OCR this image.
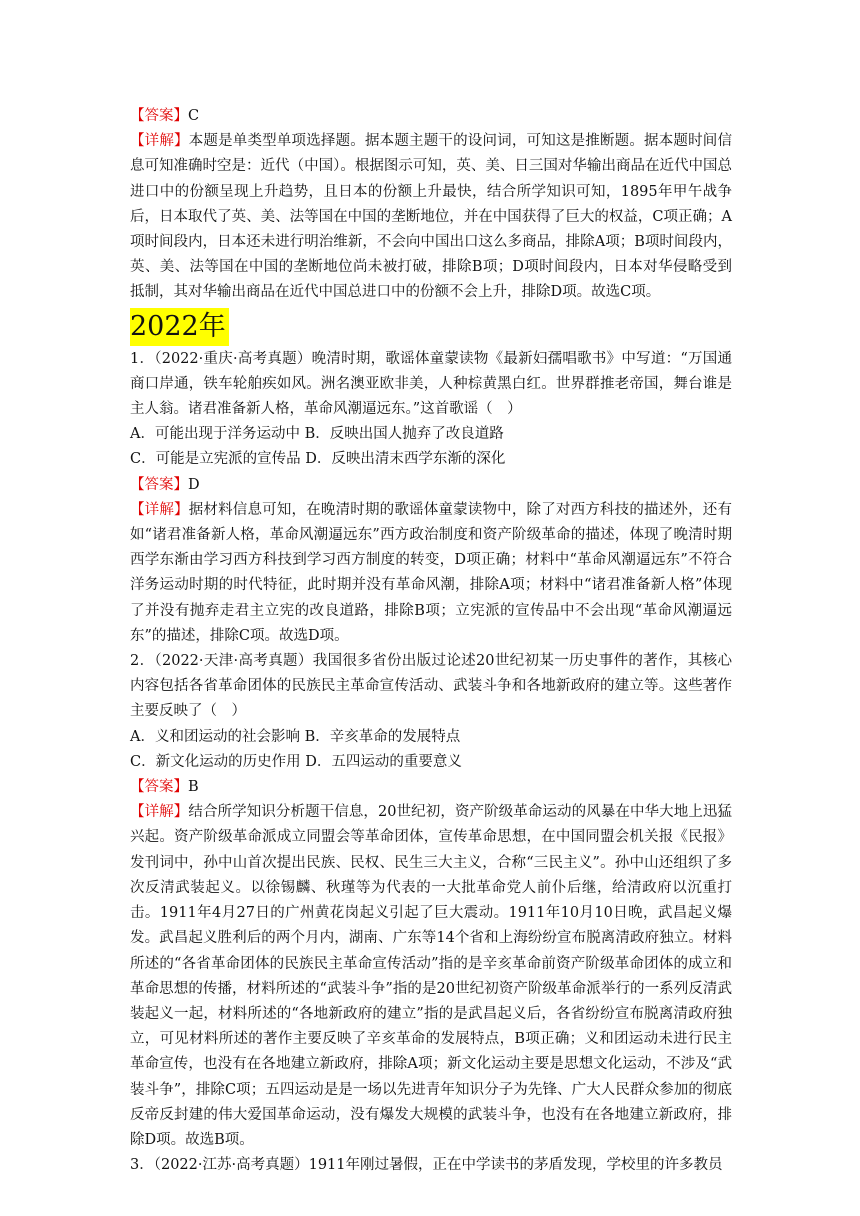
【答案】C

【详解】本题是单类型单项选择题。据本题主题干的设问词，可知这是推断题。据本题时间信息可知准确时空是：近代（中国）。根据图示可知，英、美、日三国对华输出商品在近代中国总进口中的份额呈现上升趋势，且日本的份额上升最快，结合所学知识可知，1895年甲午战争后，日本取代了英、美、法等国在中国的垄断地位，并在中国获得了巨大的权益，C项正确；A项时间段内，日本还未进行明治维新，不会向中国出口这么多商品，排除A项；B项时间段内，英、美、法等国在中国的垄断地位尚未被打破，排除B项；D项时间段内，日本对华侵略受到抵制，其对华输出商品在近代中国总进口中的份额不会上升，排除D项。故选C项。

2022年

1．（2022·重庆·高考真题）晚清时期，歌谣体童蒙读物《最新妇孺唱歌书》中写道：“万国通商口岸通，铁车轮舶疾如风。洲名澳亚欧非美，人种棕黄黑白红。世界群推老帝国，舞台谁是主人翁。诸君准备新人格，革命风潮逼远东。”这首歌谣（　）

A．可能出现于洋务运动中 B．反映出国人抛弃了改良道路

C．可能是立宪派的宣传品 D．反映出清末西学东渐的深化

【答案】D

【详解】据材料信息可知，在晚清时期的歌谣体童蒙读物中，除了对西方科技的描述外，还有如“诸君准备新人格，革命风潮逼远东”西方政治制度和资产阶级革命的描述，体现了晚清时期西学东渐由学习西方科技到学习西方制度的转变，D项正确；材料中“革命风潮逼远东”不符合洋务运动时期的时代特征，此时期并没有革命风潮，排除A项；材料中“诸君准备新人格”体现了并没有抛弃走君主立宪的改良道路，排除B项；立宪派的宣传品中不会出现“革命风潮逼远东”的描述，排除C项。故选D项。

2．（2022·天津·高考真题）我国很多省份出版过论述20世纪初某一历史事件的著作，其核心内容包括各省革命团体的民族民主革命宣传活动、武装斗争和各地新政府的建立等。这些著作主要反映了（　）

A．义和团运动的社会影响 B．辛亥革命的发展特点

C．新文化运动的历史作用 D．五四运动的重要意义

【答案】B

【详解】结合所学知识分析题干信息，20世纪初，资产阶级革命运动的风暴在中华大地上迅猛兴起。资产阶级革命派成立同盟会等革命团体，宣传革命思想，在中国同盟会机关报《民报》发刊词中，孙中山首次提出民族、民权、民生三大主义，合称“三民主义”。孙中山还组织了多次反清武装起义。以徐锡麟、秋瑾等为代表的一大批革命党人前仆后继，给清政府以沉重打击。1911年4月27日的广州黄花岗起义引起了巨大震动。1911年10月10日晚，武昌起义爆发。武昌起义胜利后的两个月内，湖南、广东等14个省和上海纷纷宣布脱离清政府独立。材料所述的“各省革命团体的民族民主革命宣传活动”指的是辛亥革命前资产阶级革命团体的成立和革命思想的传播，材料所述的“武装斗争”指的是20世纪初资产阶级革命派举行的一系列反清武装起义一起，材料所述的“各地新政府的建立”指的是武昌起义后，各省纷纷宣布脱离清政府独立，可见材料所述的著作主要反映了辛亥革命的发展特点，B项正确；义和团运动未进行民主革命宣传，也没有在各地建立新政府，排除A项；新文化运动主要是思想文化运动，不涉及“武装斗争”，排除C项；五四运动是是一场以先进青年知识分子为先锋、广大人民群众参加的彻底反帝反封建的伟大爱国革命运动，没有爆发大规模的武装斗争，也没有在各地建立新政府，排除D项。故选B项。

3．（2022·江苏·高考真题）1911年刚过暑假，正在中学读书的茅盾发现，学校里的许多教员
